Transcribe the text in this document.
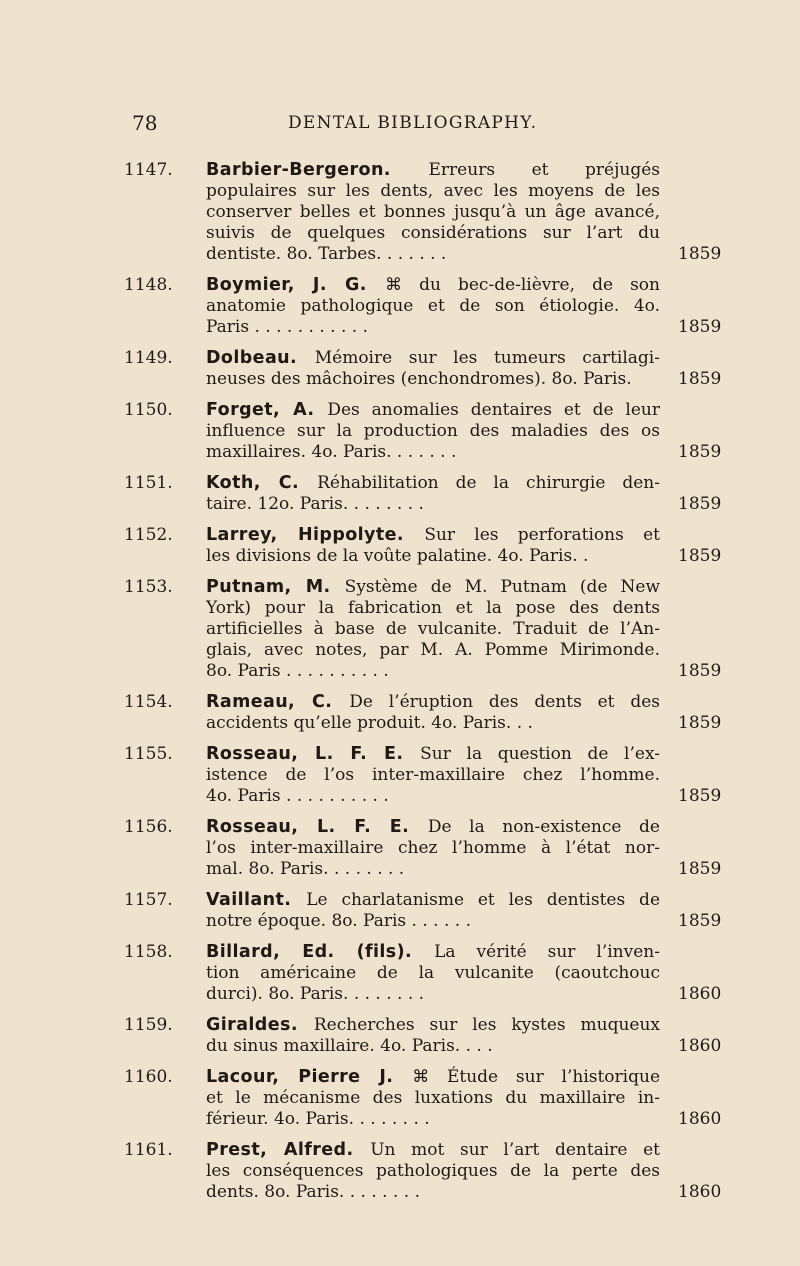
78	DENTAL BIBLIOGRAPHY.
1147. Barbier-Bergeron. Erreurs et préjugés
populaires sur les dents, avec les moyens de les
conserver belles et bonnes jusqu’à un âge avancé,
suivis de quelques considérations sur l’art du
dentiste. 8o. Tarbes. . . . . . .	1859
1148. Boymier, J. G. ⌘ du bec-de-lièvre, de son
anatomie pathologique et de son étiologie. 4o.
Paris . . . . . . . . . . .	1859
1149. Dolbeau. Mémoire sur les tumeurs cartilagi-
neuses des mâchoires (enchondromes). 8o. Paris.	1859
1150. Forget, A. Des anomalies dentaires et de leur
influence sur la production des maladies des os
maxillaires. 4o. Paris. . . . . . .	1859
1151. Koth, C. Réhabilitation de la chirurgie den-
taire. 12o. Paris. . . . . . . .	1859
1152. Larrey, Hippolyte. Sur les perforations et
les divisions de la voûte palatine. 4o. Paris. .	1859
1153. Putnam, M. Système de M. Putnam (de New
York) pour la fabrication et la pose des dents
artificielles à base de vulcanite. Traduit de l’An-
glais, avec notes, par M. A. Pomme Mirimonde.
8o. Paris . . . . . . . . . .	1859
1154. Rameau, C. De l’éruption des dents et des
accidents qu’elle produit. 4o. Paris. . .	1859
1155. Rosseau, L. F. E. Sur la question de l’ex-
istence de l’os inter-maxillaire chez l’homme.
4o. Paris . . . . . . . . . .	1859
1156. Rosseau, L. F. E. De la non-existence de
l’os inter-maxillaire chez l’homme à l’état nor-
mal. 8o. Paris. . . . . . . .	1859
1157. Vaillant. Le charlatanisme et les dentistes de
notre époque. 8o. Paris . . . . . .	1859
1158. Billard, Ed. (fils). La vérité sur l’inven-
tion américaine de la vulcanite (caoutchouc
durci). 8o. Paris. . . . . . . .	1860
1159. Giraldes. Recherches sur les kystes muqueux
du sinus maxillaire. 4o. Paris. . . .	1860
1160. Lacour, Pierre J. ⌘ Étude sur l’historique
et le mécanisme des luxations du maxillaire in-
férieur. 4o. Paris. . . . . . . .	1860
1161. Prest, Alfred. Un mot sur l’art dentaire et
les conséquences pathologiques de la perte des
dents. 8o. Paris. . . . . . . .	1860
